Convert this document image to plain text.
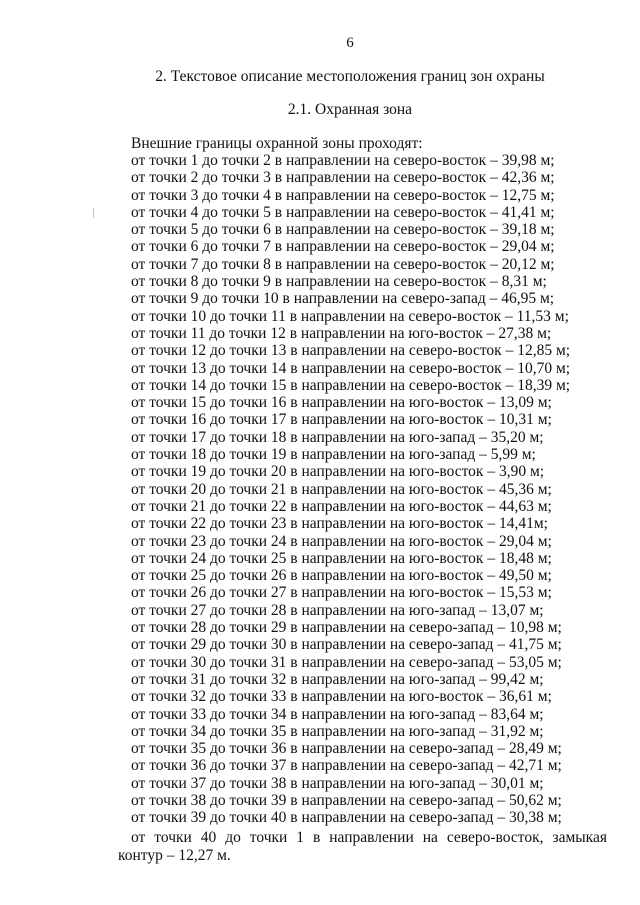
6
2. Текстовое описание местоположения границ зон охраны
2.1. Охранная зона
Внешние границы охранной зоны проходят:
от точки 1 до точки 2 в направлении на северо-восток – 39,98 м;
от точки 2 до точки 3 в направлении на северо-восток – 42,36 м;
от точки 3 до точки 4 в направлении на северо-восток – 12,75 м;
от точки 4 до точки 5 в направлении на северо-восток – 41,41 м;
от точки 5 до точки 6 в направлении на северо-восток – 39,18 м;
от точки 6 до точки 7 в направлении на северо-восток – 29,04 м;
от точки 7 до точки 8 в направлении на северо-восток – 20,12 м;
от точки 8 до точки 9 в направлении на северо-восток – 8,31 м;
от точки 9 до точки 10 в направлении на северо-запад – 46,95 м;
от точки 10 до точки 11 в направлении на северо-восток – 11,53 м;
от точки 11 до точки 12 в направлении на юго-восток – 27,38 м;
от точки 12 до точки 13 в направлении на северо-восток – 12,85 м;
от точки 13 до точки 14 в направлении на северо-восток – 10,70 м;
от точки 14 до точки 15 в направлении на северо-восток – 18,39 м;
от точки 15 до точки 16 в направлении на юго-восток – 13,09 м;
от точки 16 до точки 17 в направлении на юго-восток – 10,31 м;
от точки 17 до точки 18 в направлении на юго-запад – 35,20 м;
от точки 18 до точки 19 в направлении на юго-запад – 5,99 м;
от точки 19 до точки 20 в направлении на юго-восток – 3,90 м;
от точки 20 до точки 21 в направлении на юго-восток – 45,36 м;
от точки 21 до точки 22 в направлении на юго-восток – 44,63 м;
от точки 22 до точки 23 в направлении на юго-восток – 14,41м;
от точки 23 до точки 24 в направлении на юго-восток – 29,04 м;
от точки 24 до точки 25 в направлении на юго-восток – 18,48 м;
от точки 25 до точки 26 в направлении на юго-восток – 49,50 м;
от точки 26 до точки 27 в направлении на юго-восток – 15,53 м;
от точки 27 до точки 28 в направлении на юго-запад – 13,07 м;
от точки 28 до точки 29 в направлении на северо-запад – 10,98 м;
от точки 29 до точки 30 в направлении на северо-запад – 41,75 м;
от точки 30 до точки 31 в направлении на северо-запад – 53,05 м;
от точки 31 до точки 32 в направлении на юго-запад – 99,42 м;
от точки 32 до точки 33 в направлении на юго-восток – 36,61 м;
от точки 33 до точки 34 в направлении на юго-запад – 83,64 м;
от точки 34 до точки 35 в направлении на юго-запад – 31,92 м;
от точки 35 до точки 36 в направлении на северо-запад – 28,49 м;
от точки 36 до точки 37 в направлении на северо-запад – 42,71 м;
от точки 37 до точки 38 в направлении на юго-запад – 30,01 м;
от точки 38 до точки 39 в направлении на северо-запад – 50,62 м;
от точки 39 до точки 40 в направлении на северо-запад – 30,38 м;
от точки 40 до точки 1 в направлении на северо-восток, замыкая
контур – 12,27 м.
